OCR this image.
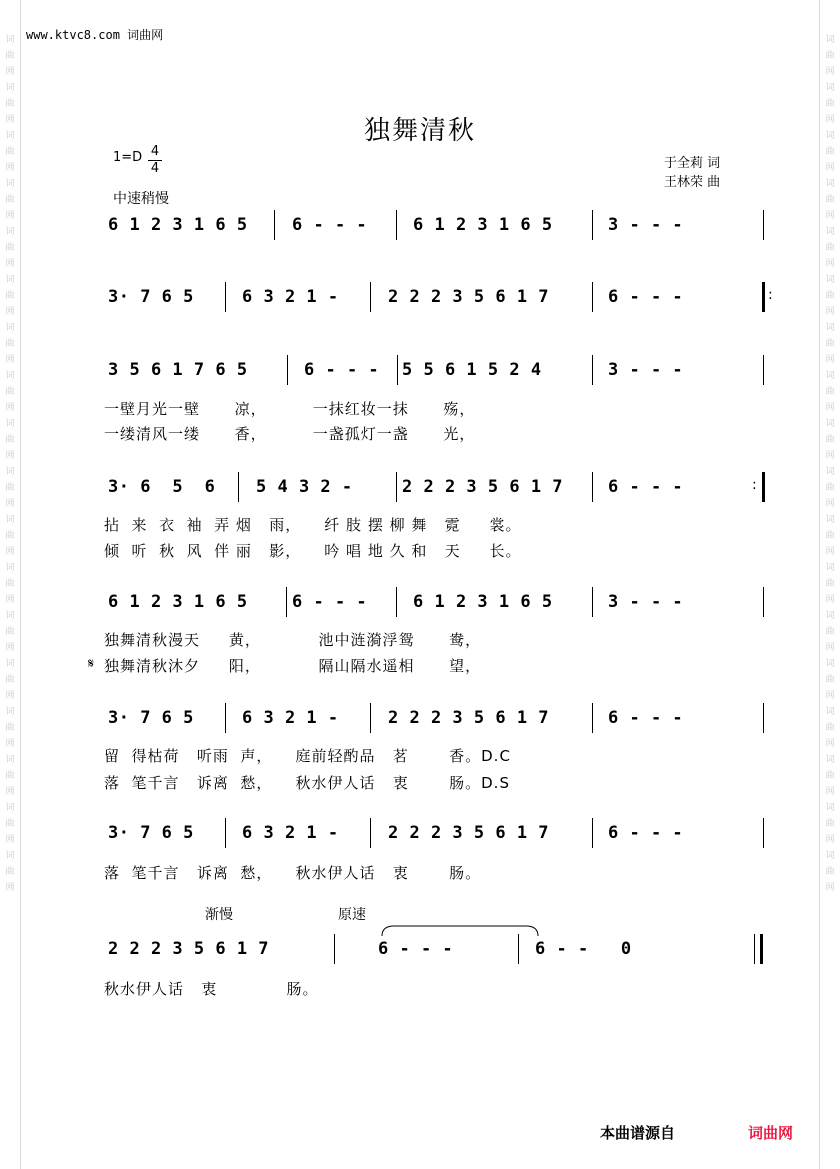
词
曲
网
词
曲
网
词
曲
网
词
曲
网
词
曲
网
词
曲
网
词
曲
网
词
曲
网
词
曲
网
词
曲
网
词
曲
网
词
曲
网
词
曲
网
词
曲
网
词
曲
网
词
曲
网
词
曲
网
词
曲
网
词
曲
网
词
曲
网
词
曲
网
词
曲
网
词
曲
网
词
曲
网
词
曲
网
词
曲
网
词
曲
网
词
曲
网
词
曲
网
词
曲
网
词
曲
网
词
曲
网
词
曲
网
词
曲
网
词
曲
网
词
曲
网
www.ktvc8.com 词曲网
独舞清秋
1=D 4
4	于全莉 词
王林荣 曲
中速稍慢
6 1 2 3 1 6 5	6 - - -	6 1 2 3 1 6 5	3 - - -
3· 7 6 5	6 3 2 1 -	2 2 2 3 5 6 1 7	6 - - -	:
3 5 6 1 7 6 5	6 - - - 5 5 6 1 5 2 4	3 - - -
一壁月光一壁      凉，        一抹红妆一抹      殇，
一缕清风一缕      香，        一盏孤灯一盏      光，
3· 6  5  6 5 4 3 2 -	2 2 2 3 5 6 1 7	6 - - -	:
拈  来  衣  袖  弄 烟   雨，    纤 肢 摆 柳 舞   霓     裳。
倾  听  秋  风  伴 丽   影，    吟 唱 地 久 和   天     长。
6 1 2 3 1 6 5	6 - - -	6 1 2 3 1 6 5	3 - - -
独舞清秋漫天     黄，          池中涟漪浮鸳      鸯，
𝄋 独舞清秋沐夕     阳，          隔山隔水遥相      望，
3· 7 6 5	6 3 2 1 -	2 2 2 3 5 6 1 7	6 - - -
留  得枯荷   听雨  声，    庭前轻酌品   茗       香。D.C
落  笔千言   诉离  愁，    秋水伊人话   衷       肠。D.S
3· 7 6 5	6 3 2 1 -	2 2 2 3 5 6 1 7	6 - - -
落  笔千言   诉离  愁，    秋水伊人话   衷       肠。
渐慢	原速
2 2 2 3 5 6 1 7	6 - - -	6 - -   0
秋水伊人话   衷            肠。
本曲谱源自	词曲网
